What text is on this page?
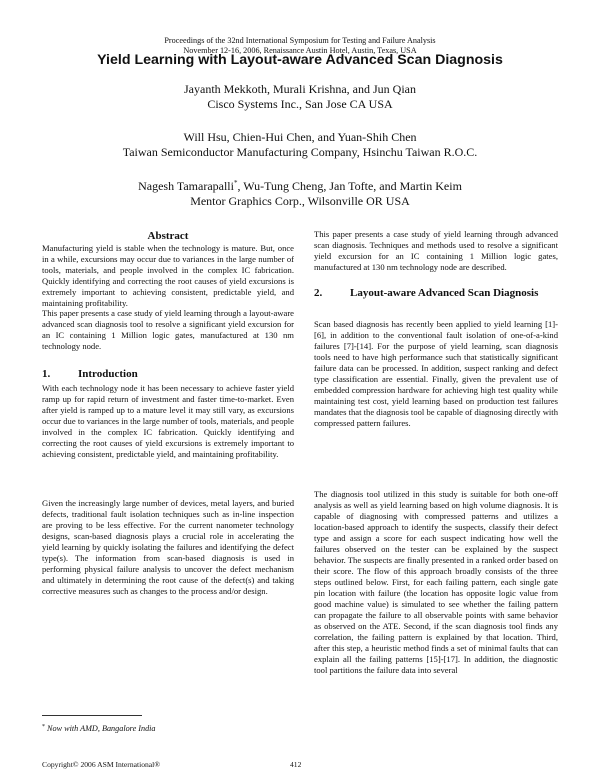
Proceedings of the 32nd International Symposium for Testing and Failure Analysis
November 12-16, 2006, Renaissance Austin Hotel, Austin, Texas, USA
Yield Learning with Layout-aware Advanced Scan Diagnosis
Jayanth Mekkoth, Murali Krishna, and Jun Qian
Cisco Systems Inc., San Jose CA USA
Will Hsu, Chien-Hui Chen, and Yuan-Shih Chen
Taiwan Semiconductor Manufacturing Company, Hsinchu Taiwan R.O.C.
Nagesh Tamarapalli*, Wu-Tung Cheng, Jan Tofte, and Martin Keim
Mentor Graphics Corp., Wilsonville OR USA
Abstract

Manufacturing yield is stable when the technology is mature. But, once in a while, excursions may occur due to variances in the large number of tools, materials, and people involved in the complex IC fabrication. Quickly identifying and correcting the root causes of yield excursions is extremely important to achieving consistent, predictable yield, and maintaining profitability.

This paper presents a case study of yield learning through a layout-aware advanced scan diagnosis tool to resolve a significant yield excursion for an IC containing 1 Million logic gates, manufactured at 130 nm technology node.

1.	Introduction

With each technology node it has been necessary to achieve faster yield ramp up for rapid return of investment and faster time-to-market. Even after yield is ramped up to a mature level it may still vary, as excursions occur due to variances in the large number of tools, materials, and people involved in the complex IC fabrication. Quickly identifying and correcting the root causes of yield excursions is extremely important to achieving consistent, predictable yield, and maintaining profitability.

Given the increasingly large number of devices, metal layers, and buried defects, traditional fault isolation techniques such as in-line inspection are proving to be less effective. For the current nanometer technology designs, scan-based diagnosis plays a crucial role in accelerating the yield learning by quickly isolating the failures and identifying the defect type(s). The information from scan-based diagnosis is used in performing physical failure analysis to uncover the defect mechanism and ultimately in determining the root cause of the defect(s) and taking corrective measures such as changes to the process and/or design.

* Now with AMD, Bangalore India

This paper presents a case study of yield learning through advanced scan diagnosis. Techniques and methods used to resolve a significant yield excursion for an IC containing 1 Million logic gates, manufactured at 130 nm technology node are described.

2.	Layout-aware Advanced Scan Diagnosis

Scan based diagnosis has recently been applied to yield learning [1]-[6], in addition to the conventional fault isolation of one-of-a-kind failures [7]-[14]. For the purpose of yield learning, scan diagnosis tools need to have high performance such that statistically significant failure data can be processed. In addition, suspect ranking and defect type classification are essential. Finally, given the prevalent use of embedded compression hardware for achieving high test quality while maintaining test cost, yield learning based on production test failures mandates that the diagnosis tool be capable of diagnosing directly with compressed pattern failures.

The diagnosis tool utilized in this study is suitable for both one-off analysis as well as yield learning based on high volume diagnosis. It is capable of diagnosing with compressed patterns and utilizes a location-based approach to identify the suspects, classify their defect type and assign a score for each suspect indicating how well the failures observed on the tester can be explained by the suspect behavior. The suspects are finally presented in a ranked order based on their score. The flow of this approach broadly consists of the three steps outlined below. First, for each failing pattern, each single gate pin location with failure (the location has opposite logic value from good machine value) is simulated to see whether the failing pattern can propagate the failure to all observable points with same behavior as observed on the ATE. Second, if the scan diagnosis tool finds any correlation, the failing pattern is explained by that location. Third, after this step, a heuristic method finds a set of minimal faults that can explain all the failing patterns [15]-[17]. In addition, the diagnostic tool partitions the failure data into several

Copyright© 2006 ASM International®	412
